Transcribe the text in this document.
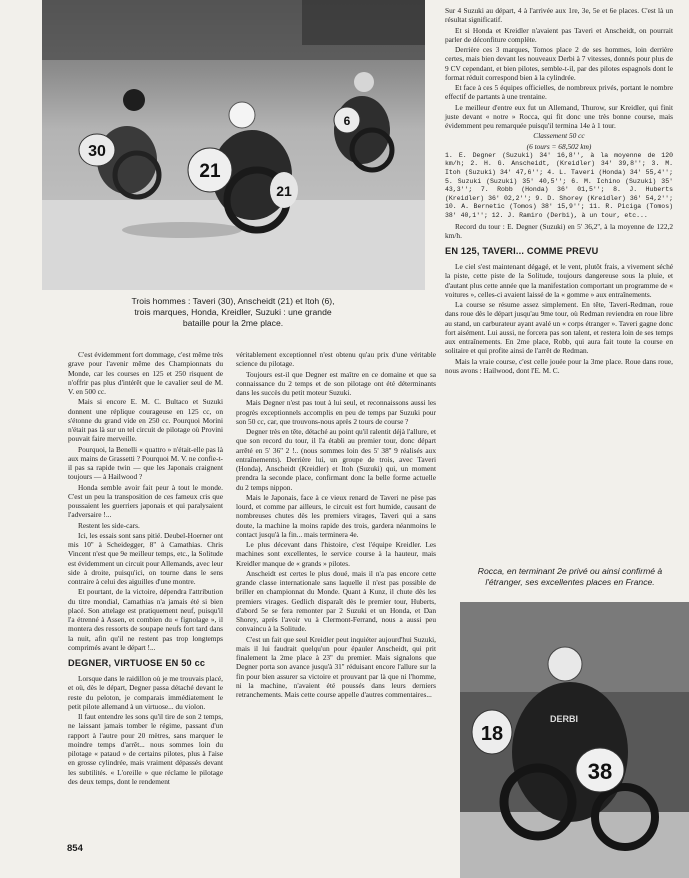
30
21
21
6
Trois hommes : Taveri (30), Anscheidt (21) et Itoh (6), trois marques, Honda, Kreidler, Suzuki : une grande bataille pour la 2me place.

C'est évidemment fort dommage, c'est même très grave pour l'avenir même des Championnats du Monde, car les courses en 125 et 250 risquent de n'offrir pas plus d'intérêt que le cavalier seul de M. V. en 500 cc.

Mais si encore E. M. C. Bultaco et Suzuki donnent une réplique courageuse en 125 cc, on s'étonne du grand vide en 250 cc. Pourquoi Morini n'était pas là sur un tel circuit de pilotage où Provini pouvait faire merveille.

Pourquoi, la Benelli « quattro » n'était-elle pas là aux mains de Grassetti ? Pourquoi M. V. ne confie-t-il pas sa rapide twin — que les Japonais craignent toujours — à Hailwood ?

Honda semble avoir fait peur à tout le monde. C'est un peu la transposition de ces fameux cris que poussaient les guerriers japonais et qui paralysaient l'adversaire !...

Restent les side-cars.

Ici, les essais sont sans pitié. Deubel-Hoerner ont mis 10'' à Scheidegger, 8'' à Camathias. Chris Vincent n'est que 9e meilleur temps, etc., la Solitude est évidemment un circuit pour Allemands, avec leur side à droite, puisqu'ici, on tourne dans le sens contraire à celui des aiguilles d'une montre.

Et pourtant, de la victoire, dépendra l'attribution du titre mondial, Camathias n'a jamais été si bien placé. Son attelage est pratiquement neuf, puisqu'il l'a étrenné à Assen, et combien du « fignolage », il montera des ressorts de soupape neufs fort tard dans la nuit, afin qu'il ne restent pas trop longtemps comprimés avant le départ !...

DEGNER, VIRTUOSE EN 50 cc

Lorsque dans le raidillon où je me trouvais placé, et où, dès le départ, Degner passa détaché devant le reste du peloton, je comparais immédiatement le petit pilote allemand à un virtuose... du violon.

Il faut entendre les sons qu'il tire de son 2 temps, ne laissant jamais tomber le régime, passant d'un rapport à l'autre pour 20 mètres, sans marquer le moindre temps d'arrêt... nous sommes loin du pilotage « pataud » de certains pilotes, plus à l'aise en grosse cylindrée, mais vraiment dépassés devant les subtilités. « L'oreille » que réclame le pilotage des deux temps, dont le rendement

véritablement exceptionnel n'est obtenu qu'au prix d'une véritable science du pilotage.

Toujours est-il que Degner est maître en ce domaine et que sa connaissance du 2 temps et de son pilotage ont été déterminants dans les succès du petit moteur Suzuki.

Mais Degner n'est pas tout à lui seul, et reconnaissons aussi les progrès exceptionnels accomplis en peu de temps par Suzuki pour son 50 cc, car, que trouvons-nous après 2 tours de course ?

Degner très en tête, détaché au point qu'il ralentit déjà l'allure, et que son record du tour, il l'a établi au premier tour, donc départ arrêté en 5' 36'' 2 !.. (nous sommes loin des 5' 38'' 9 réalisés aux entraînements). Derrière lui, un groupe de trois, avec Taveri (Honda), Anscheidt (Kreidler) et Itoh (Suzuki) qui, un moment prendra la seconde place, confirmant donc la belle forme actuelle du 2 temps nippon.

Mais le Japonais, face à ce vieux renard de Taveri ne pèse pas lourd, et comme par ailleurs, le circuit est fort humide, causant de nombreuses chutes dès les premiers virages, Taveri qui a sans doute, la machine la moins rapide des trois, gardera néanmoins le contact jusqu'à la fin... mais terminera 4e.

Le plus décevant dans l'histoire, c'est l'équipe Kreidler. Les machines sont excellentes, le service course à la hauteur, mais Kreidler manque de « grands » pilotes.

Anscheidt est certes le plus doué, mais il n'a pas encore cette grande classe internationale sans laquelle il n'est pas possible de briller en championnat du Monde. Quant à Kunz, il chute dès les premiers virages. Gedlich disparaît dès le premier tour, Huberts, d'abord 5e se fera remonter par 2 Suzuki et un Honda, et Dan Shorey, après l'avoir vu à Clermont-Ferrand, nous a aussi peu convaincu à la Solitude.

C'est un fait que seul Kreidler peut inquiéter aujourd'hui Suzuki, mais il lui faudrait quelqu'un pour épauler Anscheidt, qui prit finalement la 2me place à 23'' du premier. Mais signalons que Degner porta son avance jusqu'à 31'' réduisant encore l'allure sur la fin pour bien assurer sa victoire et prouvant par là que ni l'homme, ni la machine, n'avaient été poussés dans leurs derniers retranchements. Mais cette course appelle d'autres commentaires...

Sur 4 Suzuki au départ, 4 à l'arrivée aux 1re, 3e, 5e et 6e places. C'est là un résultat significatif.

Et si Honda et Kreidler n'avaient pas Taveri et Anscheidt, on pourrait parler de déconfiture complète.

Derrière ces 3 marques, Tomos place 2 de ses hommes, loin derrière certes, mais bien devant les nouveaux Derbi à 7 vitesses, donnés pour plus de 9 CV cependant, et bien pilotes, semble-t-il, par des pilotes espagnols dont le format réduit correspond bien à la cylindrée.

Et face à ces 5 équipes officielles, de nombreux privés, portant le nombre effectif de partants à une trentaine.

Le meilleur d'entre eux fut un Allemand, Thurow, sur Kreidler, qui finit juste devant « notre » Rocca, qui fit donc une très bonne course, mais évidemment peu remarquée puisqu'il termina 14e à 1 tour.

Classement 50 cc

(6 tours = 68,502 km)

1. E. Degner (Suzuki) 34' 16,8'', à la moyenne de 120 km/h; 2. H. G. Anscheidt, (Kreidler) 34' 39,8''; 3. M. Itoh (Suzuki) 34' 47,6''; 4. L. Taveri (Honda) 34' 55,4''; 5. Suzuki (Suzuki) 35' 40,5''; 6. M. Ichino (Suzuki) 35' 43,3''; 7. Robb (Honda) 36' 01,5''; 8. J. Huberts (Kreidler) 36' 02,2''; 9. D. Shorey (Kreidler) 36' 54,2''; 10. A. Bernetic (Tomos) 38' 15,9''; 11. R. Piciga (Tomos) 38' 40,1''; 12. J. Ramiro (Derbi), à un tour, etc...

Record du tour : E. Degner (Suzuki) en 5' 36,2'', à la moyenne de 122,2 km/h.

EN 125, TAVERI... COMME PREVU

Le ciel s'est maintenant dégagé, et le vent, plutôt frais, a vivement séché la piste, cette piste de la Solitude, toujours dangereuse sous la pluie, et d'autant plus cette année que la manifestation comportant un programme de « voitures », celles-ci avaient laissé de la « gomme » aux entraînements.

La course se résume assez simplement. En tête, Taveri-Redman, roue dans roue dès le départ jusqu'au 9me tour, où Redman reviendra en roue libre au stand, un carburateur ayant avalé un « corps étranger ». Taveri gagne donc fort aisément. Lui aussi, ne forcera pas son talent, et restera loin de ses temps aux entraînements. En 2me place, Robb, qui aura fait toute la course en solitaire et qui profite ainsi de l'arrêt de Redman.

Mais la vraie course, c'est celle jouée pour la 3me place. Roue dans roue, nous avons : Hailwood, dont l'E. M. C.

Rocca, en terminant 2e privé ou ainsi confirmé à l'étranger, ses excellentes places en France.
18
38
DERBI
854
